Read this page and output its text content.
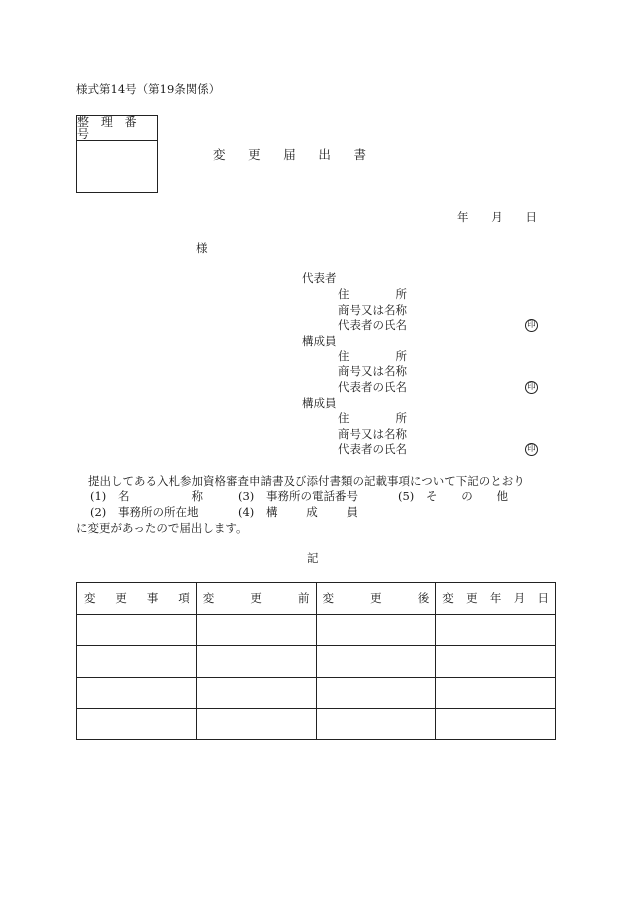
様式第14号（第19条関係）
整 理 番 号
変 更 届 出 書
年 月 日
様
代表者
住	所
商号又は名称
代表者の氏名	印
構成員
住	所
商号又は名称
代表者の氏名	印
構成員
住	所
商号又は名称
代表者の氏名	印
提出してある入札参加資格審査申請書及び添付書類の記載事項について下記のとおり
(1) 名	称	(3) 事務所の電話番号	(5) そ の 他
(2) 事務所の所在地	(4) 構	成	員
に変更があったので届出します。
記
変 更 事 項	変 更 前	変 更 後	変 更 年 月 日
